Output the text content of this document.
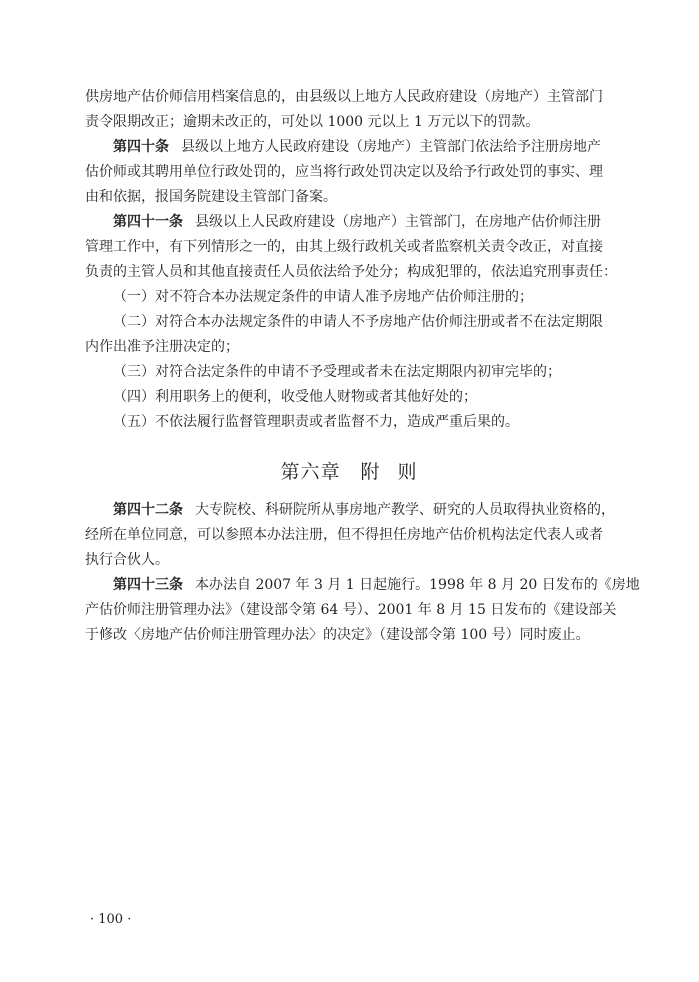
供房地产估价师信用档案信息的，由县级以上地方人民政府建设（房地产）主管部门
责令限期改正；逾期未改正的，可处以 1000 元以上 1 万元以下的罚款。

第四十条 县级以上地方人民政府建设（房地产）主管部门依法给予注册房地产
估价师或其聘用单位行政处罚的，应当将行政处罚决定以及给予行政处罚的事实、理
由和依据，报国务院建设主管部门备案。

第四十一条 县级以上人民政府建设（房地产）主管部门，在房地产估价师注册
管理工作中，有下列情形之一的，由其上级行政机关或者监察机关责令改正，对直接
负责的主管人员和其他直接责任人员依法给予处分；构成犯罪的，依法追究刑事责任：
（一）对不符合本办法规定条件的申请人准予房地产估价师注册的；
（二）对符合本办法规定条件的申请人不予房地产估价师注册或者不在法定期限
内作出准予注册决定的；
（三）对符合法定条件的申请不予受理或者未在法定期限内初审完毕的；
（四）利用职务上的便利，收受他人财物或者其他好处的；
（五）不依法履行监督管理职责或者监督不力，造成严重后果的。

第六章　附 则

第四十二条 大专院校、科研院所从事房地产教学、研究的人员取得执业资格的，
经所在单位同意，可以参照本办法注册，但不得担任房地产估价机构法定代表人或者
执行合伙人。

第四十三条 本办法自 2007 年 3 月 1 日起施行。1998 年 8 月 20 日发布的《房地
产估价师注册管理办法》（建设部令第 64 号）、2001 年 8 月 15 日发布的《建设部关
于修改〈房地产估价师注册管理办法〉的决定》（建设部令第 100 号）同时废止。

· 100 ·
